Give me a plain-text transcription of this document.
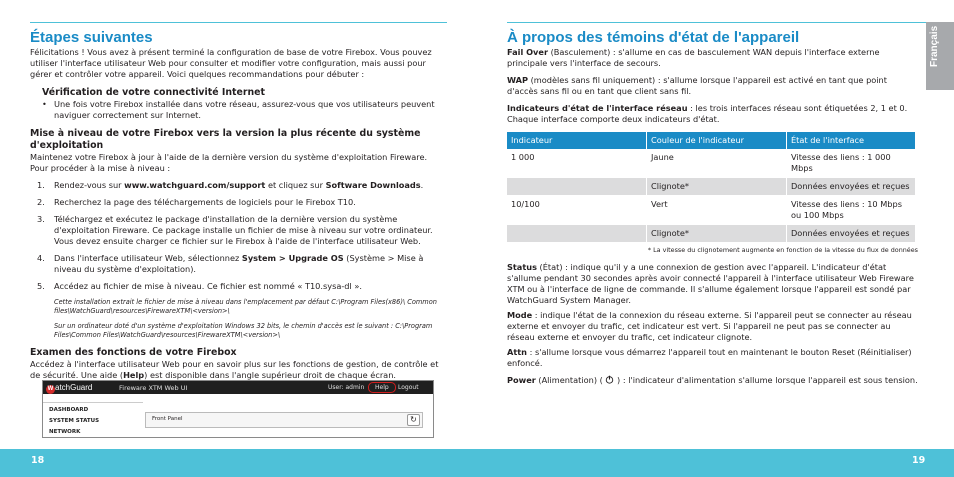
Étapes suivantes

Félicitations ! Vous avez à présent terminé la configuration de base de votre Firebox. Vous pouvez utiliser l'interface utilisateur Web pour consulter et modifier votre configuration, mais aussi pour gérer et contrôler votre appareil. Voici quelques recommandations pour débuter :

Vérification de votre connectivité Internet
• Une fois votre Firebox installée dans votre réseau, assurez-vous que vos utilisateurs peuvent naviguer correctement sur Internet.
Mise à niveau de votre Firebox vers la version la plus récente du système d'exploitation

Maintenez votre Firebox à jour à l'aide de la dernière version du système d'exploitation Fireware. Pour procéder à la mise à niveau :

1. Rendez-vous sur www.watchguard.com/support et cliquez sur Software Downloads.
2. Recherchez la page des téléchargements de logiciels pour le Firebox T10.
3. Téléchargez et exécutez le package d'installation de la dernière version du système d'exploitation Fireware. Ce package installe un fichier de mise à niveau sur votre ordinateur. Vous devez ensuite charger ce fichier sur le Firebox à l'aide de l'interface utilisateur Web.
4. Dans l'interface utilisateur Web, sélectionnez System > Upgrade OS (Système > Mise à niveau du système d'exploitation).
5. Accédez au fichier de mise à niveau. Ce fichier est nommé « T10.sysa-dl ».

Cette installation extrait le fichier de mise à niveau dans l'emplacement par défaut C:\Program Files(x86)\ Common files\WatchGuard\resources\FirewareXTM\<version>\

Sur un ordinateur doté d'un système d'exploitation Windows 32 bits, le chemin d'accès est le suivant : C:\Program Files\Common Files\WatchGuard\resources\FirewareXTM\<version>\

Examen des fonctions de votre Firebox

Accédez à l'interface utilisateur Web pour en savoir plus sur les fonctions de gestion, de contrôle et de sécurité. Une aide (Help) est disponible dans l'angle supérieur droit de chaque écran.

W atchGuard	Fireware XTM Web UI	User: admin	Help	Logout
DASHBOARD
SYSTEM STATUS
NETWORK
Front Panel	↻
À propos des témoins d'état de l'appareil

Fail Over (Basculement) : s'allume en cas de basculement WAN depuis l'interface externe principale vers l'interface de secours.

WAP (modèles sans fil uniquement) : s'allume lorsque l'appareil est activé en tant que point d'accès sans fil ou en tant que client sans fil.

Indicateurs d'état de l'interface réseau : les trois interfaces réseau sont étiquetées 2, 1 et 0. Chaque interface comporte deux indicateurs d'état.

Indicateur	Couleur de l'indicateur	État de l'interface
1 000	Jaune	Vitesse des liens : 1 000 Mbps
	Clignote*	Données envoyées et reçues
10/100	Vert	Vitesse des liens : 10 Mbps ou 100 Mbps
	Clignote*	Données envoyées et reçues

* La vitesse du clignotement augmente en fonction de la vitesse du flux de données

Status (État) : indique qu'il y a une connexion de gestion avec l'appareil. L'indicateur d'état s'allume pendant 30 secondes après avoir connecté l'appareil à l'interface utilisateur Web Fireware XTM ou à l'interface de ligne de commande. Il s'allume également lorsque l'appareil est sondé par WatchGuard System Manager.

Mode : indique l'état de la connexion du réseau externe. Si l'appareil peut se connecter au réseau externe et envoyer du trafic, cet indicateur est vert. Si l'appareil ne peut pas se connecter au réseau externe et envoyer du trafic, cet indicateur clignote.

Attn : s'allume lorsque vous démarrez l'appareil tout en maintenant le bouton Reset (Réinitialiser) enfoncé.

Power (Alimentation) (  ) : l'indicateur d'alimentation s'allume lorsque l'appareil est sous tension.

Français
18	19
